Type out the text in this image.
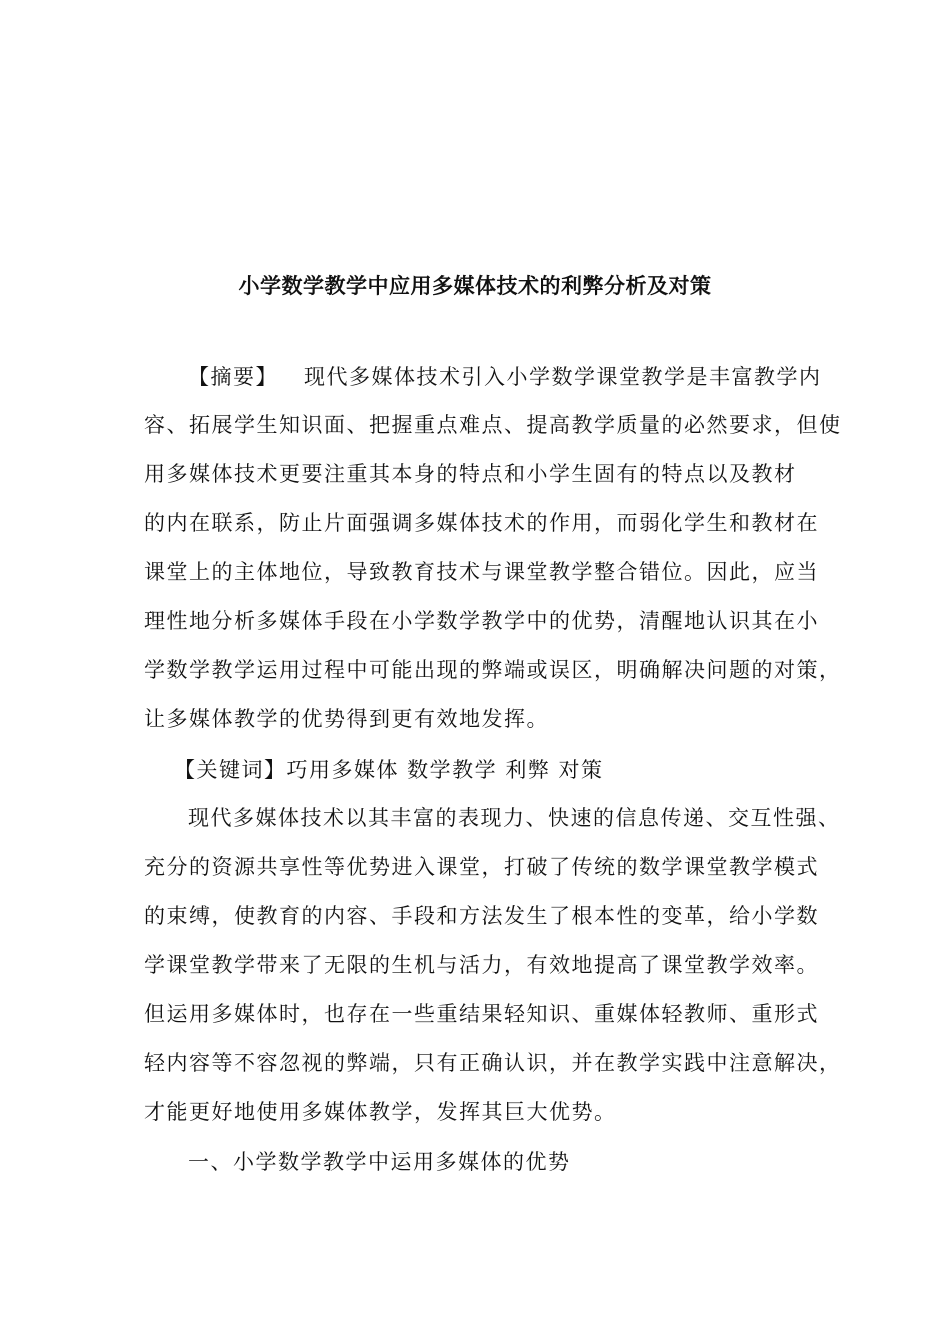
小学数学教学中应用多媒体技术的利弊分析及对策
【摘要】 现代多媒体技术引入小学数学课堂教学是丰富教学内
容、拓展学生知识面、把握重点难点、提高教学质量的必然要求，但使
用多媒体技术更要注重其本身的特点和小学生固有的特点以及教材
的内在联系，防止片面强调多媒体技术的作用，而弱化学生和教材在
课堂上的主体地位，导致教育技术与课堂教学整合错位。因此，应当
理性地分析多媒体手段在小学数学教学中的优势，清醒地认识其在小
学数学教学运用过程中可能出现的弊端或误区，明确解决问题的对策，
让多媒体教学的优势得到更有效地发挥。
【关键词】巧用多媒体 数学教学 利弊 对策
现代多媒体技术以其丰富的表现力、快速的信息传递、交互性强、
充分的资源共享性等优势进入课堂，打破了传统的数学课堂教学模式
的束缚，使教育的内容、手段和方法发生了根本性的变革，给小学数
学课堂教学带来了无限的生机与活力，有效地提高了课堂教学效率。
但运用多媒体时，也存在一些重结果轻知识、重媒体轻教师、重形式
轻内容等不容忽视的弊端，只有正确认识，并在教学实践中注意解决，
才能更好地使用多媒体教学，发挥其巨大优势。
一、小学数学教学中运用多媒体的优势
